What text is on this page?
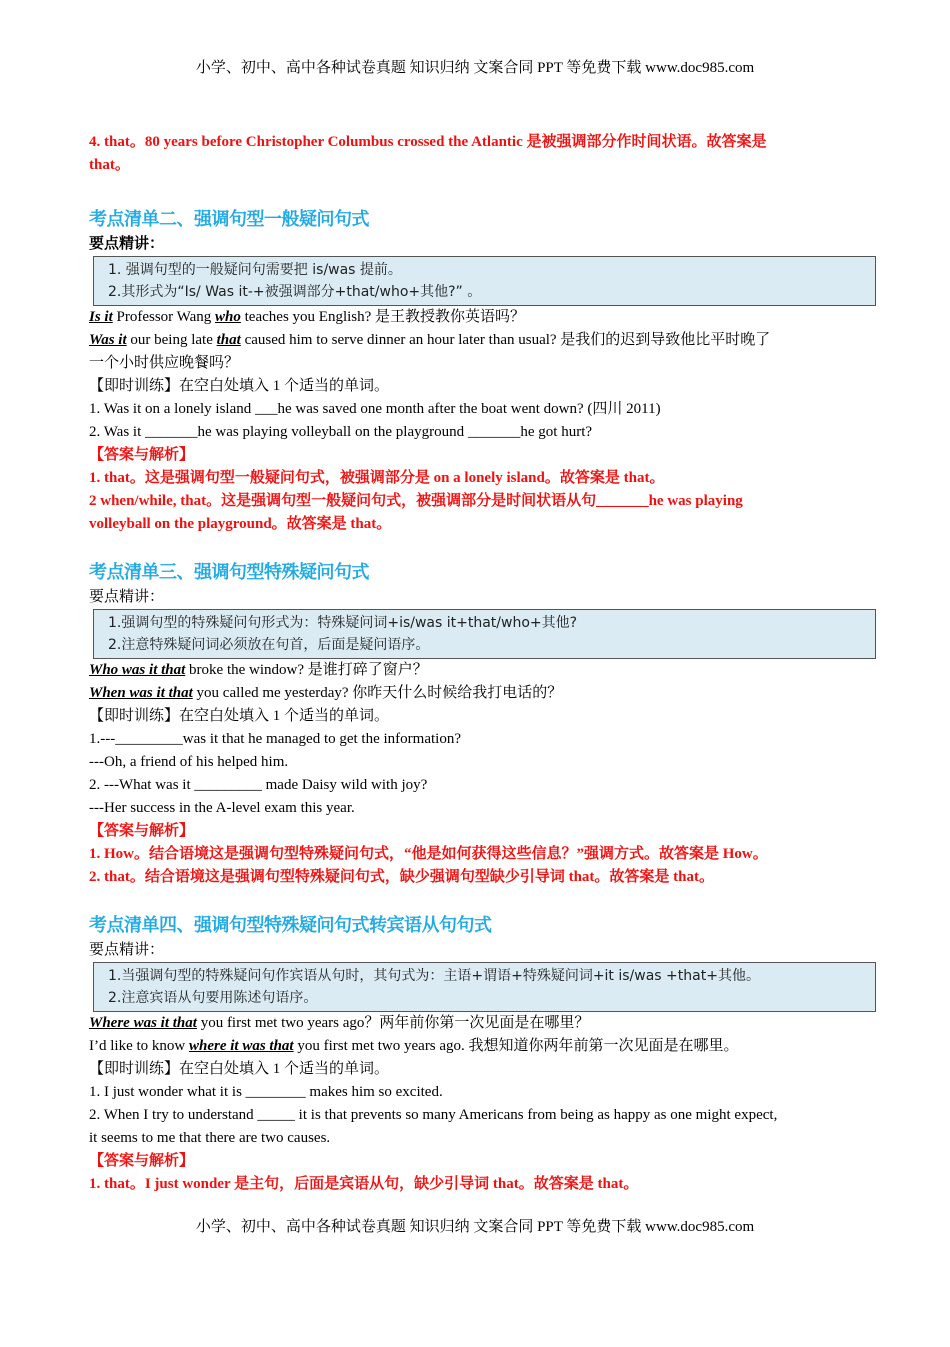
小学、初中、高中各种试卷真题 知识归纳 文案合同 PPT 等免费下载 www.doc985.com
4. that。80 years before Christopher Columbus crossed the Atlantic 是被强调部分作时间状语。故答案是
that。
考点清单二、强调句型一般疑问句式
要点精讲：
1. 强调句型的一般疑问句需要把 is/was 提前。
2.其形式为“Is/ Was it-+被强调部分+that/who+其他?” 。
Is it Professor Wang who teaches you English? 是王教授教你英语吗？
Was it our being late that caused him to serve dinner an hour later than usual? 是我们的迟到导致他比平时晚了
一个小时供应晚餐吗？
【即时训练】在空白处填入 1 个适当的单词。
1. Was it on a lonely island ___he was saved one month after the boat went down? (四川 2011)
2. Was it _______he was playing volleyball on the playground _______he got hurt?
【答案与解析】
1. that。这是强调句型一般疑问句式，被强调部分是 on a lonely island。故答案是 that。
2 when/while, that。这是强调句型一般疑问句式，被强调部分是时间状语从句_______he was playing
volleyball on the playground。故答案是 that。
考点清单三、强调句型特殊疑问句式
要点精讲：
1.强调句型的特殊疑问句形式为：特殊疑问词+is/was it+that/who+其他?
2.注意特殊疑问词必须放在句首，后面是疑问语序。
Who was it that broke the window? 是谁打碎了窗户？
When was it that you called me yesterday? 你昨天什么时候给我打电话的？
【即时训练】在空白处填入 1 个适当的单词。
1.---_________was it that he managed to get the information?
---Oh, a friend of his helped him.
2. ---What was it _________ made Daisy wild with joy?
---Her success in the A-level exam this year.
【答案与解析】
1. How。结合语境这是强调句型特殊疑问句式，“他是如何获得这些信息？”强调方式。故答案是 How。
2. that。结合语境这是强调句型特殊疑问句式，缺少强调句型缺少引导词 that。故答案是 that。
考点清单四、强调句型特殊疑问句式转宾语从句句式
要点精讲：
1.当强调句型的特殊疑问句作宾语从句时，其句式为：主语+谓语+特殊疑问词+it is/was +that+其他。
2.注意宾语从句要用陈述句语序。
Where was it that you first met two years ago？两年前你第一次见面是在哪里？
I’d like to know where it was that you first met two years ago. 我想知道你两年前第一次见面是在哪里。
【即时训练】在空白处填入 1 个适当的单词。
1. I just wonder what it is ________ makes him so excited.
2. When I try to understand _____ it is that prevents so many Americans from being as happy as one might expect,
it seems to me that there are two causes.
【答案与解析】
1. that。I just wonder 是主句，后面是宾语从句，缺少引导词 that。故答案是 that。
小学、初中、高中各种试卷真题 知识归纳 文案合同 PPT 等免费下载 www.doc985.com
